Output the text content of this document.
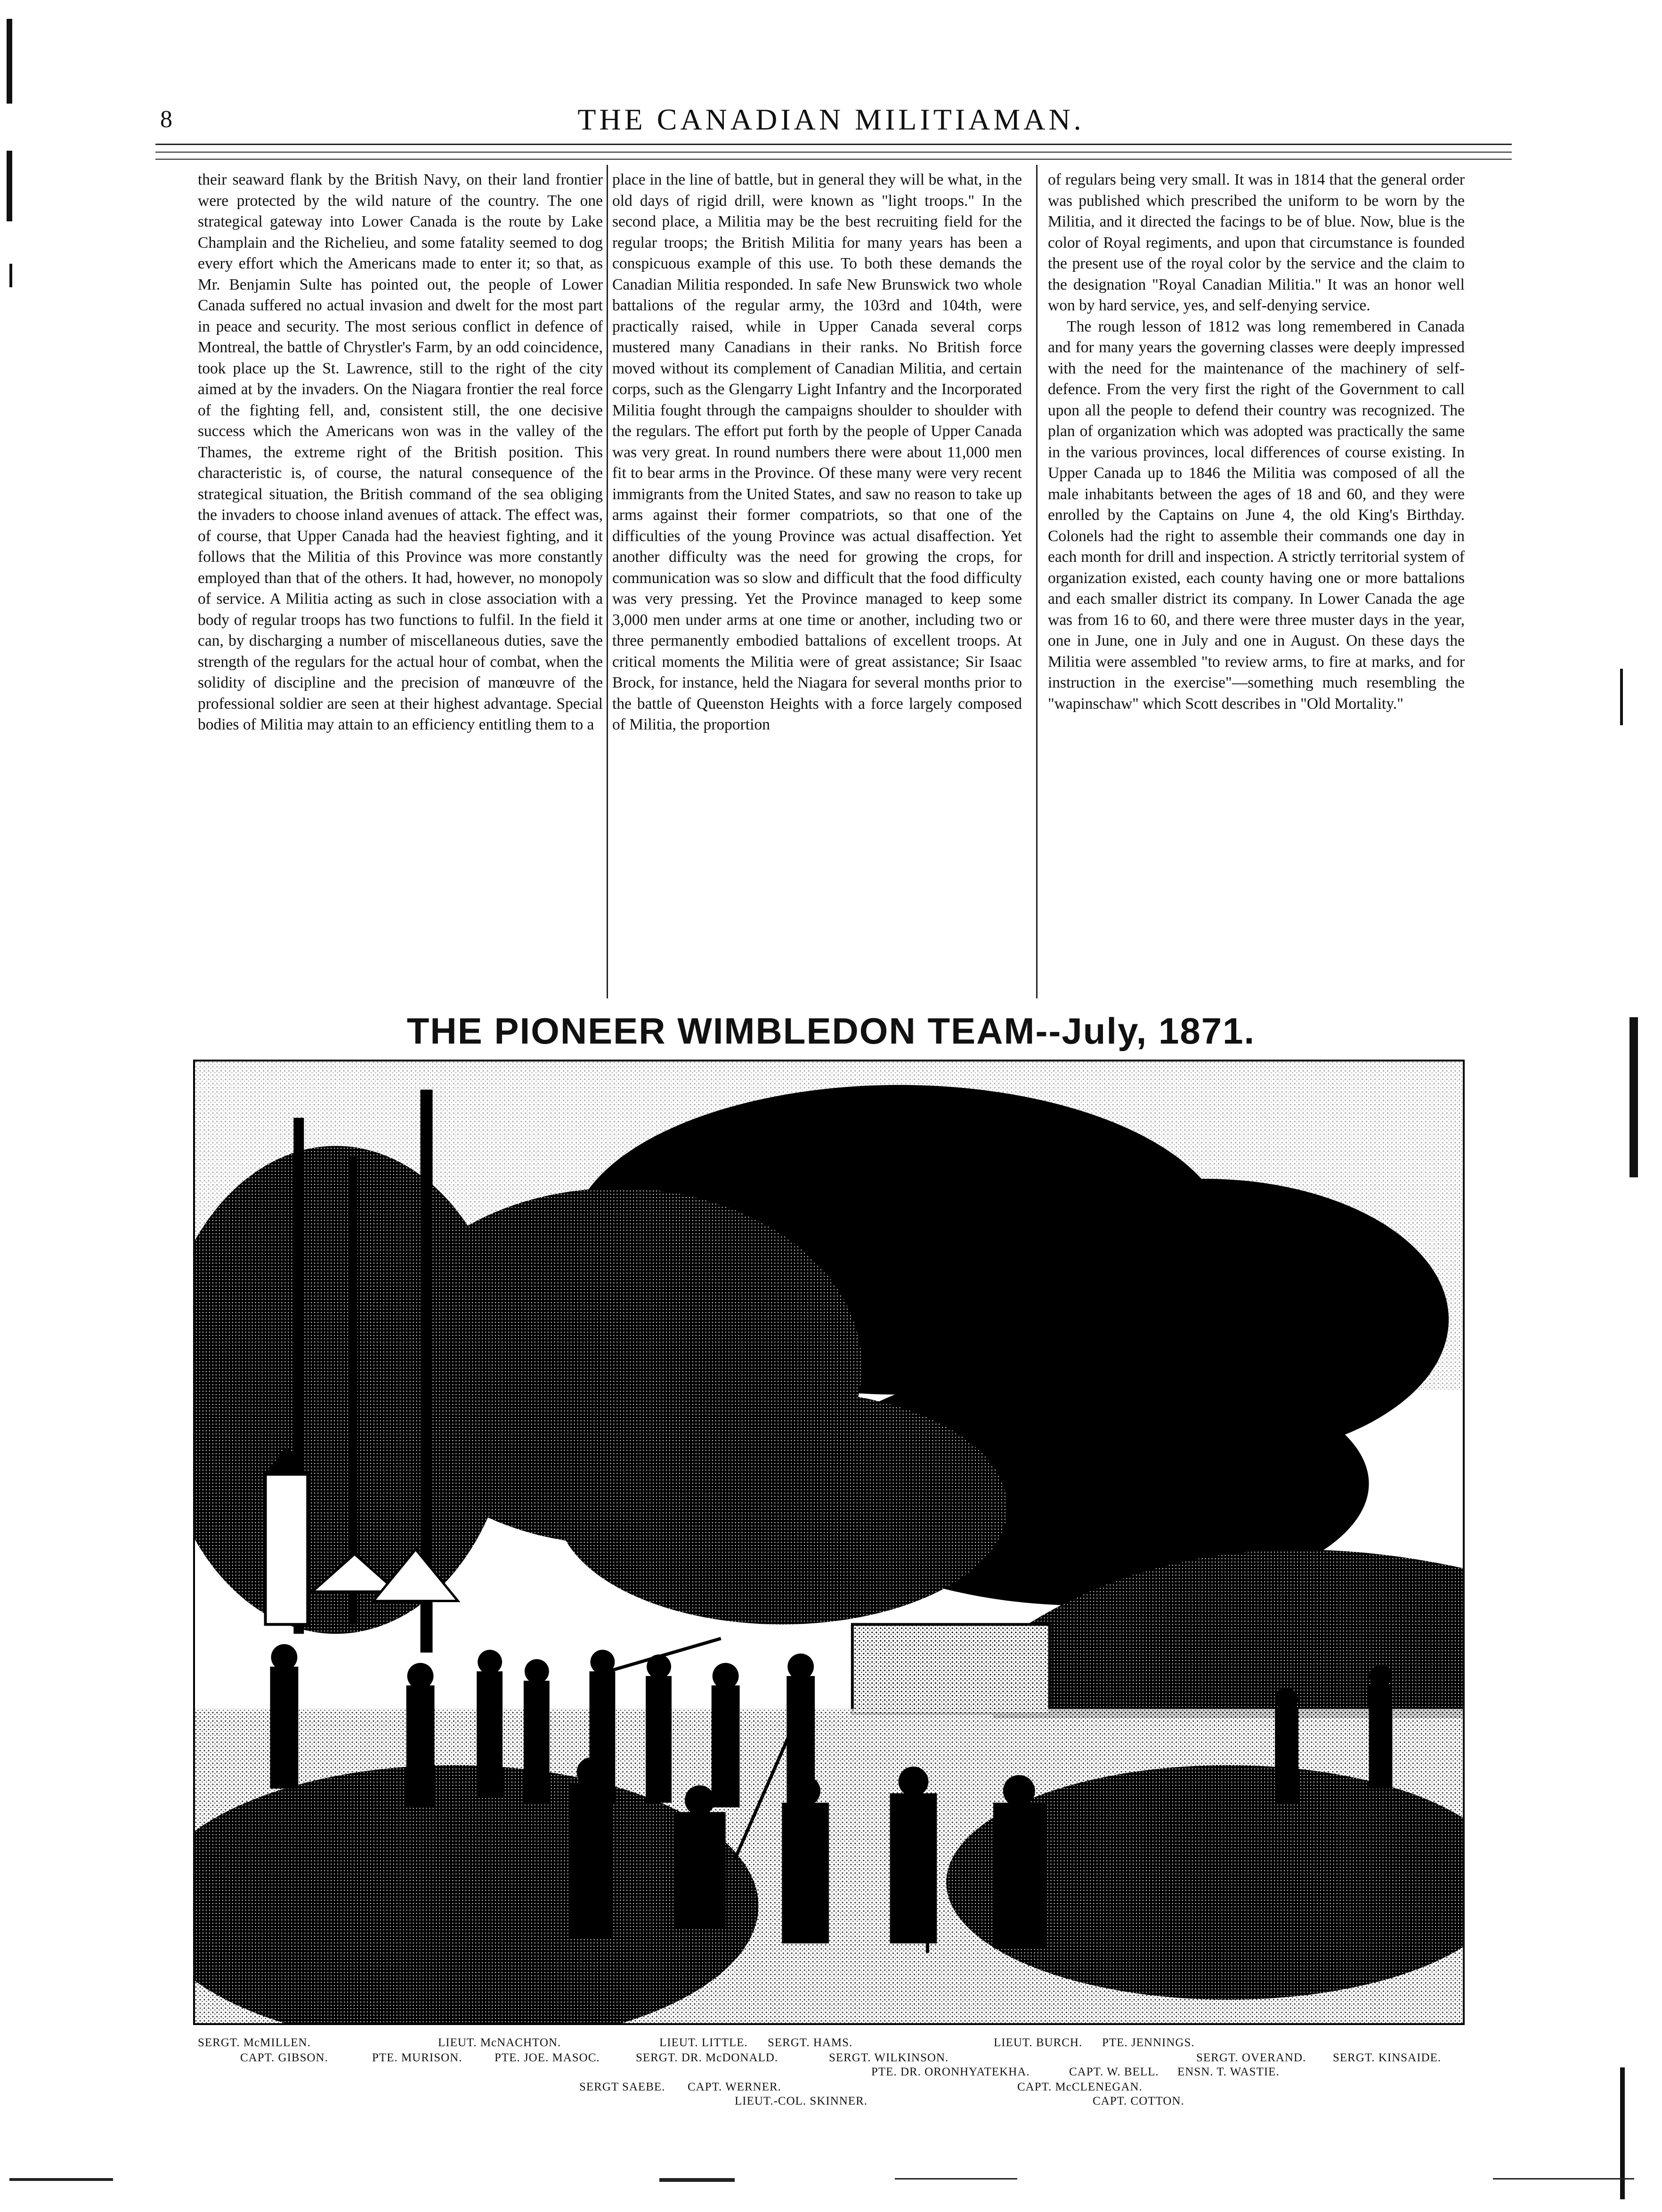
8	THE CANADIAN MILITIAMAN.

their seaward flank by the British Navy, on their land frontier were protected by the wild nature of the country. The one strategical gateway into Lower Canada is the route by Lake Champlain and the Richelieu, and some fatality seemed to dog every effort which the Americans made to enter it; so that, as Mr. Benjamin Sulte has pointed out, the people of Lower Canada suffered no actual invasion and dwelt for the most part in peace and security. The most serious conflict in defence of Montreal, the battle of Chrystler's Farm, by an odd coincidence, took place up the St. Lawrence, still to the right of the city aimed at by the invaders. On the Niagara frontier the real force of the fighting fell, and, consistent still, the one decisive success which the Americans won was in the valley of the Thames, the extreme right of the British position. This characteristic is, of course, the natural consequence of the strategical situation, the British command of the sea obliging the invaders to choose inland avenues of attack. The effect was, of course, that Upper Canada had the heaviest fighting, and it follows that the Militia of this Province was more constantly employed than that of the others. It had, however, no monopoly of service. A Militia acting as such in close association with a body of regular troops has two functions to fulfil. In the field it can, by discharging a number of miscellaneous duties, save the strength of the regulars for the actual hour of combat, when the solidity of discipline and the precision of manœuvre of the professional soldier are seen at their highest advantage. Special bodies of Militia may attain to an efficiency entitling them to a

place in the line of battle, but in general they will be what, in the old days of rigid drill, were known as "light troops." In the second place, a Militia may be the best recruiting field for the regular troops; the British Militia for many years has been a conspicuous example of this use. To both these demands the Canadian Militia responded. In safe New Brunswick two whole battalions of the regular army, the 103rd and 104th, were practically raised, while in Upper Canada several corps mustered many Canadians in their ranks. No British force moved without its complement of Canadian Militia, and certain corps, such as the Glengarry Light Infantry and the Incorporated Militia fought through the campaigns shoulder to shoulder with the regulars. The effort put forth by the people of Upper Canada was very great. In round numbers there were about 11,000 men fit to bear arms in the Province. Of these many were very recent immigrants from the United States, and saw no reason to take up arms against their former compatriots, so that one of the difficulties of the young Province was actual disaffection. Yet another difficulty was the need for growing the crops, for communication was so slow and difficult that the food difficulty was very pressing. Yet the Province managed to keep some 3,000 men under arms at one time or another, including two or three permanently embodied battalions of excellent troops. At critical moments the Militia were of great assistance; Sir Isaac Brock, for instance, held the Niagara for several months prior to the battle of Queenston Heights with a force largely composed of Militia, the proportion

of regulars being very small. It was in 1814 that the general order was published which prescribed the uniform to be worn by the Militia, and it directed the facings to be of blue. Now, blue is the color of Royal regiments, and upon that circumstance is founded the present use of the royal color by the service and the claim to the designation "Royal Canadian Militia." It was an honor well won by hard service, yes, and self-denying service.

The rough lesson of 1812 was long remembered in Canada and for many years the governing classes were deeply impressed with the need for the maintenance of the machinery of self-defence. From the very first the right of the Government to call upon all the people to defend their country was recognized. The plan of organization which was adopted was practically the same in the various provinces, local differences of course existing. In Upper Canada up to 1846 the Militia was composed of all the male inhabitants between the ages of 18 and 60, and they were enrolled by the Captains on June 4, the old King's Birthday. Colonels had the right to assemble their commands one day in each month for drill and inspection. A strictly territorial system of organization existed, each county having one or more battalions and each smaller district its company. In Lower Canada the age was from 16 to 60, and there were three muster days in the year, one in June, one in July and one in August. On these days the Militia were assembled "to review arms, to fire at marks, and for instruction in the exercise"—something much resembling the "wapinschaw" which Scott describes in "Old Mortality."

THE PIONEER WIMBLEDON TEAM--July, 1871.
SERGT. McMILLEN.	LIEUT. McNACHTON.	LIEUT. LITTLE. SERGT. HAMS.	LIEUT. BURCH. PTE. JENNINGS.
CAPT. GIBSON.	PTE. MURISON.	PTE. JOE. MASOC.	SERGT. DR. McDONALD.	SERGT. WILKINSON.	SERGT. OVERAND. SERGT. KINSAIDE.
PTE. DR. ORONHYATEKHA.	CAPT. W. BELL. ENSN. T. WASTIE.
SERGT SAEBE. CAPT. WERNER.	CAPT. McCLENEGAN.
LIEUT.-COL. SKINNER.	CAPT. COTTON.
